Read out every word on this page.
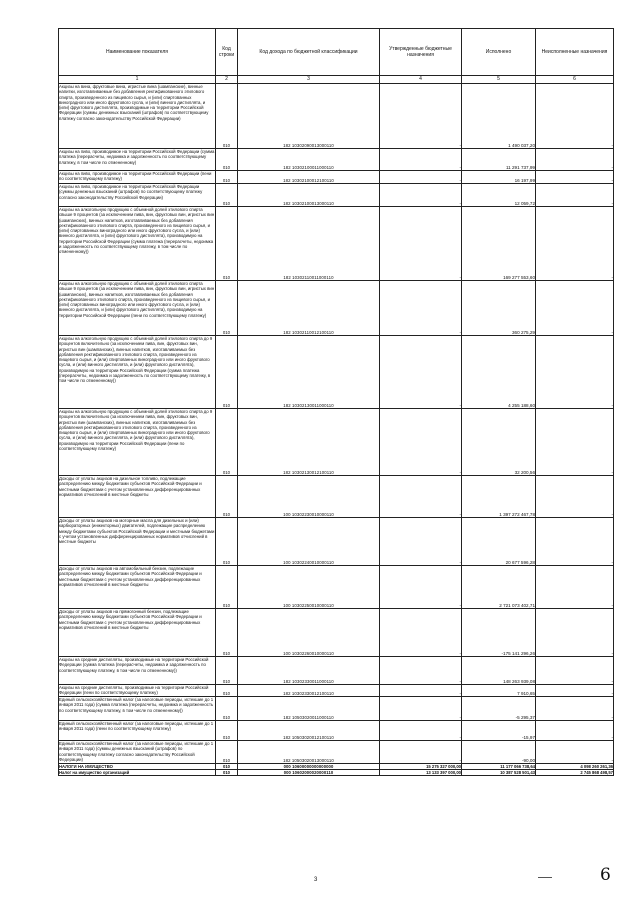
Наименование показателя	Код строки	Код дохода по бюджетной классификации	Утвержденные бюджетные назначения	Исполнено	Неисполненные назначения
1	2	3	4	5	6
Акцизы на вина, фруктовые вина, игристые вина (шампанские), винные напитки, изготавливаемые без добавления ректификованного этилового спирта, произведенного из пищевого сырья, и (или) спиртованных виноградного или иного фруктового сусла, и (или) винного дистиллята, и (или) фруктового дистиллята, производимые на территории Российской Федерации (суммы денежных взысканий (штрафов) по соответствующему платежу согласно законодательству Российской Федерации)	010	182 10302090013000110	-	1 490 037,20	-
Акцизы на пиво, производимое на территории Российской Федерации (сумма платежа (перерасчеты, недоимка и задолженность по соответствующему платежу, в том числе по отмененному)	010	182 10302100011000110	-	11 291 737,99	-
Акцизы на пиво, производимое на территории Российской Федерации (пени по соответствующему платежу)	010	182 10302100012100110	-	16 197,99	-
Акцизы на пиво, производимое на территории Российской Федерации (суммы денежных взысканий (штрафов) по соответствующему платежу согласно законодательству Российской Федерации)	010	182 10302100013000110	-	12 059,72	-
Акцизы на алкогольную продукцию с объемной долей этилового спирта свыше 9 процентов (за исключением пива, вин, фруктовых вин, игристых вин (шампанских), винных напитков, изготавливаемых без добавления ректификованного этилового спирта, произведенного из пищевого сырья, и (или) спиртованных виноградного или иного фруктового сусла, и (или) винного дистиллята, и (или) фруктового дистиллята), производимую на территории Российской Федерации (сумма платежа (перерасчеты, недоимка и задолженность по соответствующему платежу, в том числе по отмененному))	010	182 10302110011000110	-	169 277 553,60	-
Акцизы на алкогольную продукцию с объемной долей этилового спирта свыше 9 процентов (за исключением пива, вин, фруктовых вин, игристых вин (шампанских), винных напитков, изготавливаемых без добавления ректификованного этилового спирта, произведенного из пищевого сырья, и (или) спиртованных виноградного или иного фруктового сусла, и (или) винного дистиллята, и (или) фруктового дистиллята), производимую на территории Российской Федерации (пени по соответствующему платежу)	010	182 10302110012100110	-	360 275,29	-
Акцизы на алкогольную продукцию с объемной долей этилового спирта до 9 процентов включительно (за исключением пива, вин, фруктовых вин, игристых вин (шампанских), винных напитков, изготавливаемых без добавления ректификованного этилового спирта, произведенного из пищевого сырья, и (или) спиртованных виноградного или иного фруктового сусла, и (или) винного дистиллята, и (или) фруктового дистиллята), производимую на территории Российской Федерации (сумма платежа (перерасчеты, недоимка и задолженность по соответствующему платежу, в том числе по отмененному))	010	182 10302130011000110	-	4 255 188,60	-
Акцизы на алкогольную продукцию с объемной долей этилового спирта до 9 процентов включительно (за исключением пива, вин, фруктовых вин, игристых вин (шампанских), винных напитков, изготавливаемых без добавления ректификованного этилового спирта, произведенного из пищевого сырья, и (или) спиртованных виноградного или иного фруктового сусла, и (или) винного дистиллята, и (или) фруктового дистиллята), производимую на территории Российской Федерации (пени по соответствующему платежу)	010	182 10302130012100110	-	32 200,56	-
Доходы от уплаты акцизов на дизельное топливо, подлежащие распределению между бюджетами субъектов Российской Федерации и местными бюджетами с учетом установленных дифференцированных нормативов отчислений в местные бюджеты	010	100 10302230010000110	-	1 397 272 467,78	-
Доходы от уплаты акцизов на моторные масла для дизельных и (или) карбюраторных (инжекторных) двигателей, подлежащие распределению между бюджетами субъектов Российской Федерации и местными бюджетами с учетом установленных дифференцированных нормативов отчислений в местные бюджеты	010	100 10302240010000110	-	20 677 596,28	-
Доходы от уплаты акцизов на автомобильный бензин, подлежащие распределению между бюджетами субъектов Российской Федерации и местными бюджетами с учетом установленных дифференцированных нормативов отчислений в местные бюджеты	010	100 10302250010000110	-	2 721 073 402,71	-
Доходы от уплаты акцизов на прямогонный бензин, подлежащие распределению между бюджетами субъектов Российской Федерации и местными бюджетами с учетом установленных дифференцированных нормативов отчислений в местные бюджеты	010	100 10302260010000110	-	-175 141 296,26	-
Акцизы на средние дистилляты, производимые на территории Российской Федерации (сумма платежа (перерасчеты, недоимка и задолженность по соответствующему платежу, в том числе по отмененному))	010	182 10302330011000110	-	148 263 939,08	-
Акцизы на средние дистилляты, производимые на территории Российской Федерации (пени по соответствующему платежу)	010	182 10302330012100110	-	7 910,65	-
Единый сельскохозяйственный налог (за налоговые периоды, истекшие до 1 января 2011 года) (сумма платежа (перерасчеты, недоимка и задолженность по соответствующему платежу, в том числе по отмененному))	010	182 10503020011000110	-	-5 295,37	-
Единый сельскохозяйственный налог (за налоговые периоды, истекшие до 1 января 2011 года) (пени по соответствующему платежу)	010	182 10503020012100110	-	-15,97	-
Единый сельскохозяйственный налог (за налоговые периоды, истекшие до 1 января 2011 года) (суммы денежных взысканий (штрафов) по соответствующему платежу согласно законодательству Российской Федерации)	010	182 10503020013000110	-	-90,00	-
НАЛОГИ НА ИМУЩЕСТВО	010	000 10600000000000000	15 275 327 000,00	11 177 066 738,64	4 098 260 261,36
Налог на имущество организаций	010	000 10602000020000110	13 133 397 000,00	10 387 528 501,43	2 745 868 498,57
3	6
